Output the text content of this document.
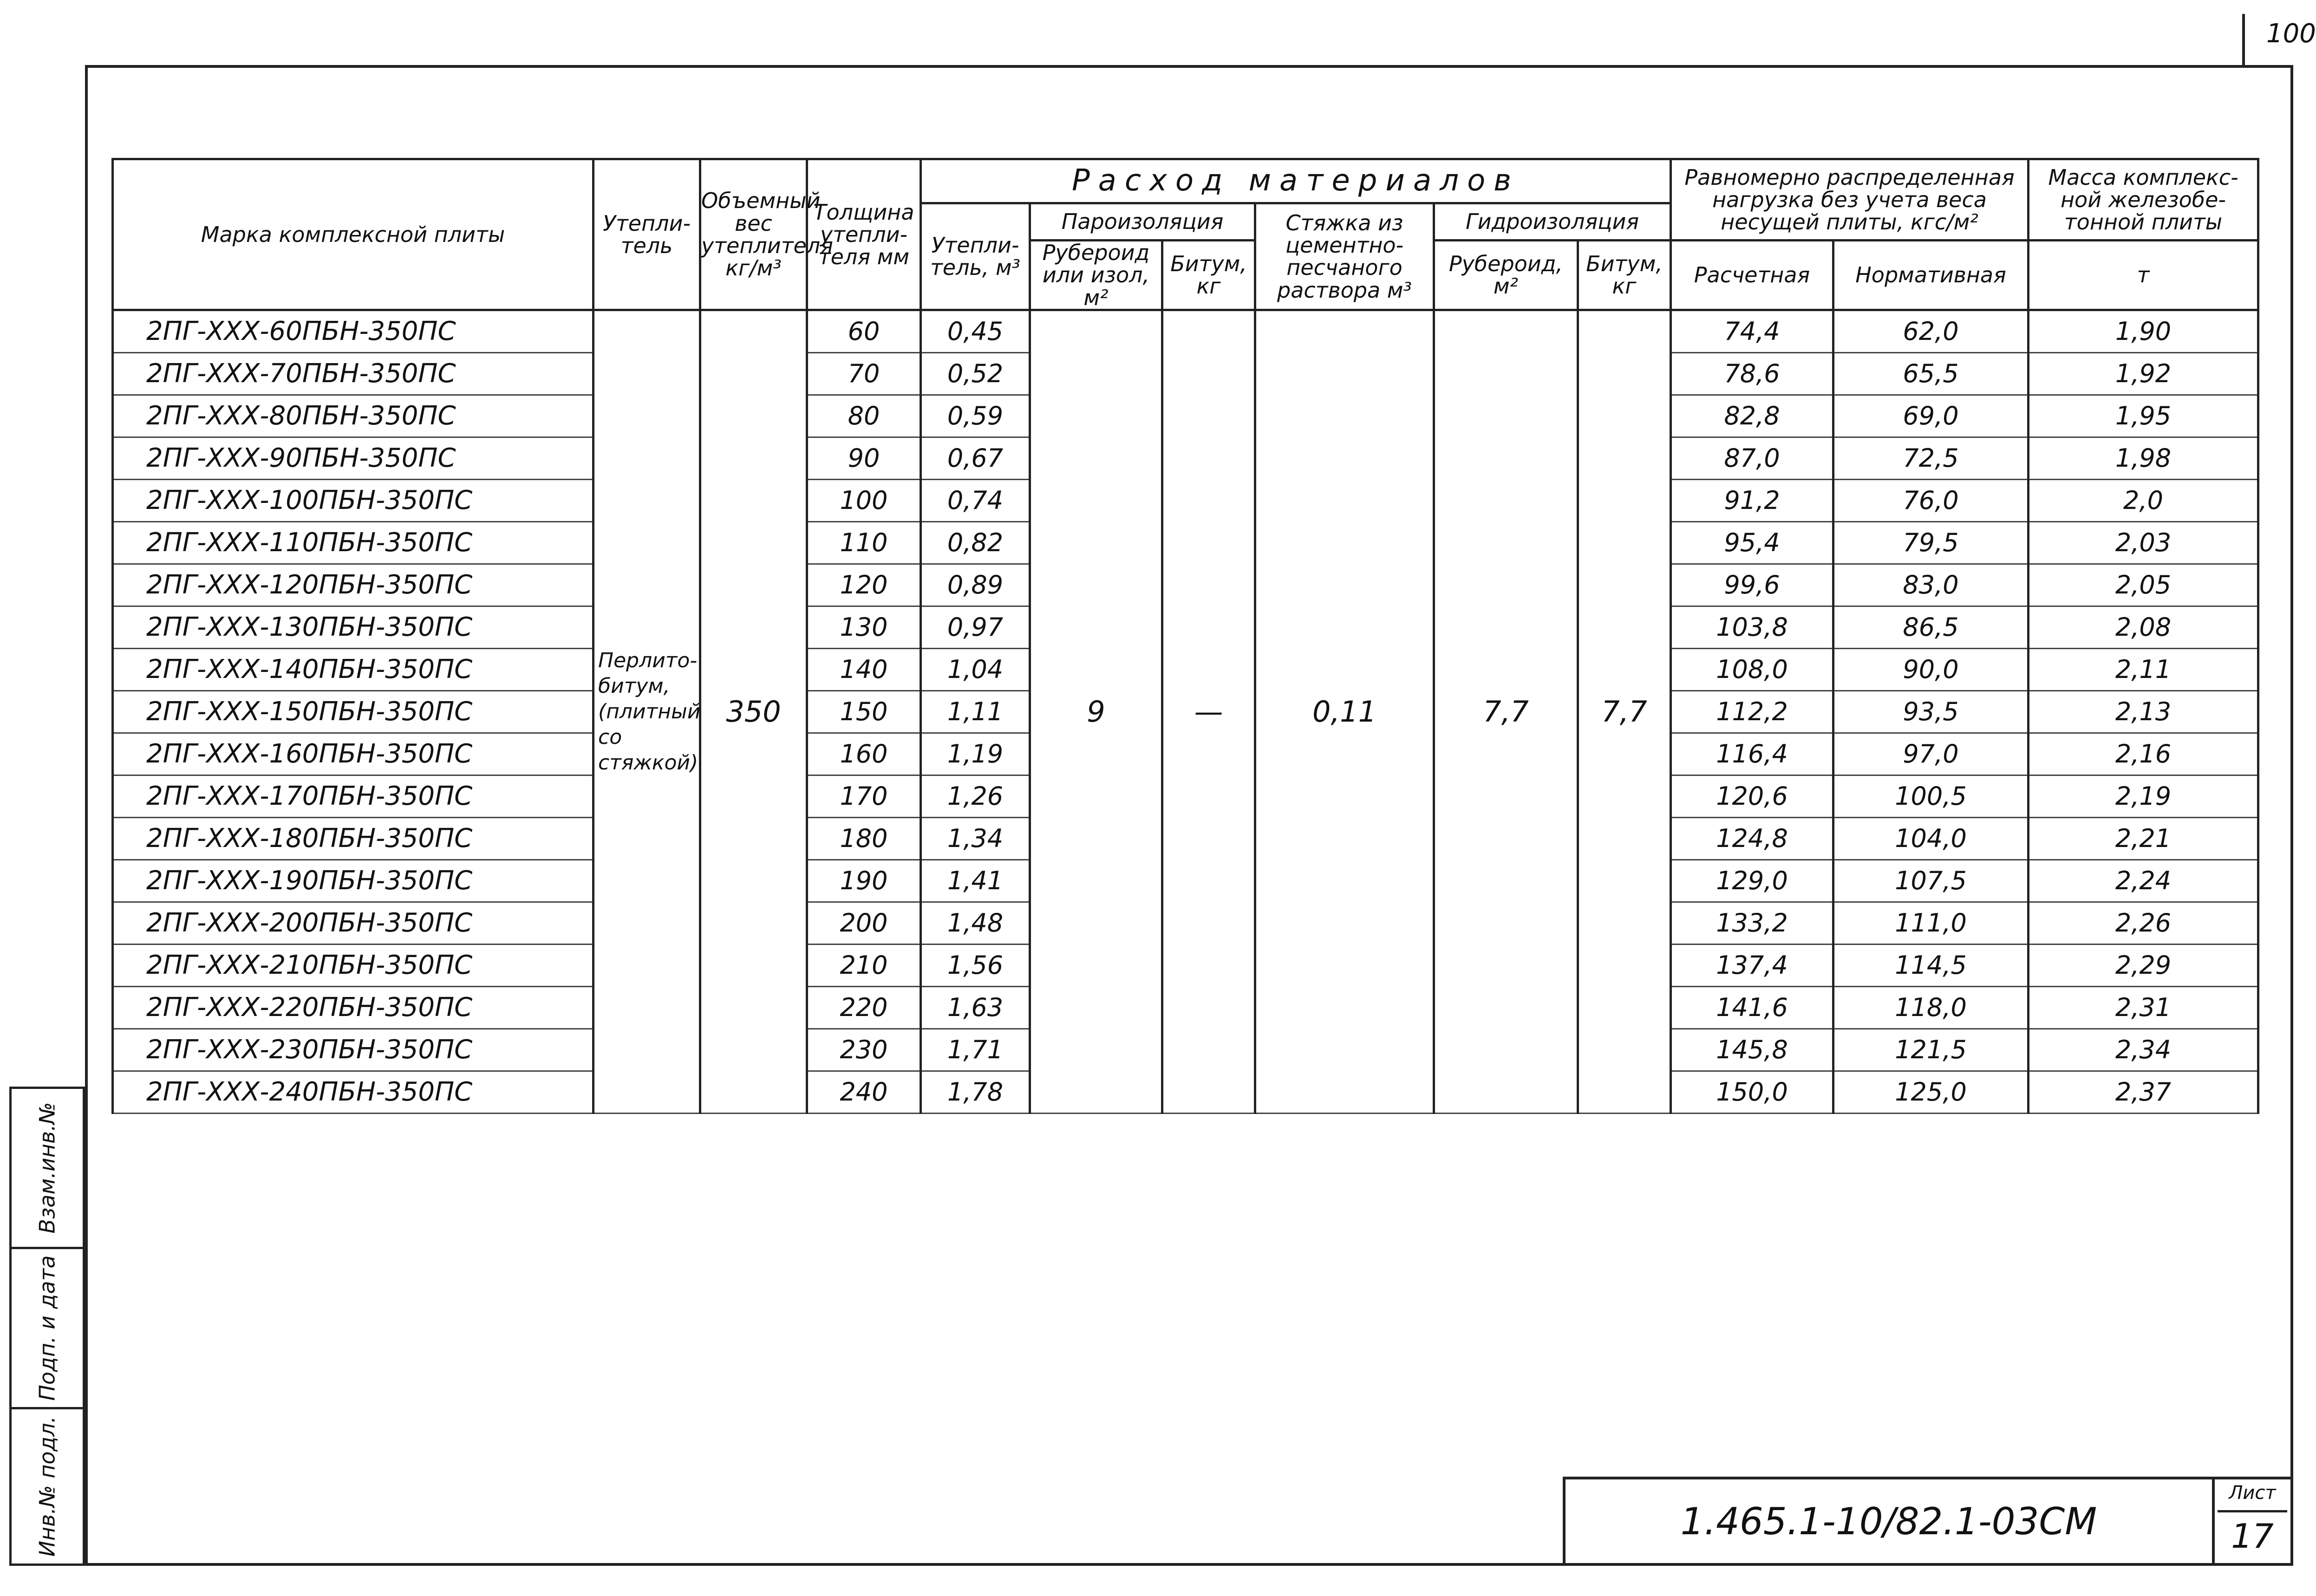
100
Взам.инв.№
Подп. и дата
Инв.№ подл.
Марка комплексной плиты	Утепли- тель	Объемный вес утеплителя кг/м³	Толщина утепли- теля мм	Расход материалов						Равномерно распределенная нагрузка без учета веса несущей плиты, кгс/м²		Масса комплекс- ной железобе- тонной плиты
				Утепли- тель, м³	Пароизоляция		Стяжка из цементно- песчаного раствора м³	Гидроизоляция				
					Рубероид или изол, м²	Битум, кг		Рубероид, м²	Битум, кг	Расчетная	Нормативная	т
2ПГ-ХХХ-60ПБН-350ПС	Перлито- битум, (плитный со стяжкой)	350	60	0,45	9	—	0,11	7,7	7,7	74,4	62,0	1,90
2ПГ-ХХХ-70ПБН-350ПС			70	0,52						78,6	65,5	1,92
2ПГ-ХХХ-80ПБН-350ПС			80	0,59						82,8	69,0	1,95
2ПГ-ХХХ-90ПБН-350ПС			90	0,67						87,0	72,5	1,98
2ПГ-ХХХ-100ПБН-350ПС			100	0,74						91,2	76,0	2,0
2ПГ-ХХХ-110ПБН-350ПС			110	0,82						95,4	79,5	2,03
2ПГ-ХХХ-120ПБН-350ПС			120	0,89						99,6	83,0	2,05
2ПГ-ХХХ-130ПБН-350ПС			130	0,97						103,8	86,5	2,08
2ПГ-ХХХ-140ПБН-350ПС			140	1,04						108,0	90,0	2,11
2ПГ-ХХХ-150ПБН-350ПС			150	1,11						112,2	93,5	2,13
2ПГ-ХХХ-160ПБН-350ПС			160	1,19						116,4	97,0	2,16
2ПГ-ХХХ-170ПБН-350ПС			170	1,26						120,6	100,5	2,19
2ПГ-ХХХ-180ПБН-350ПС			180	1,34						124,8	104,0	2,21
2ПГ-ХХХ-190ПБН-350ПС			190	1,41						129,0	107,5	2,24
2ПГ-ХХХ-200ПБН-350ПС			200	1,48						133,2	111,0	2,26
2ПГ-ХХХ-210ПБН-350ПС			210	1,56						137,4	114,5	2,29
2ПГ-ХХХ-220ПБН-350ПС			220	1,63						141,6	118,0	2,31
2ПГ-ХХХ-230ПБН-350ПС			230	1,71						145,8	121,5	2,34
2ПГ-ХХХ-240ПБН-350ПС			240	1,78						150,0	125,0	2,37
1.465.1-10/82.1-03СМ
Лист
17
